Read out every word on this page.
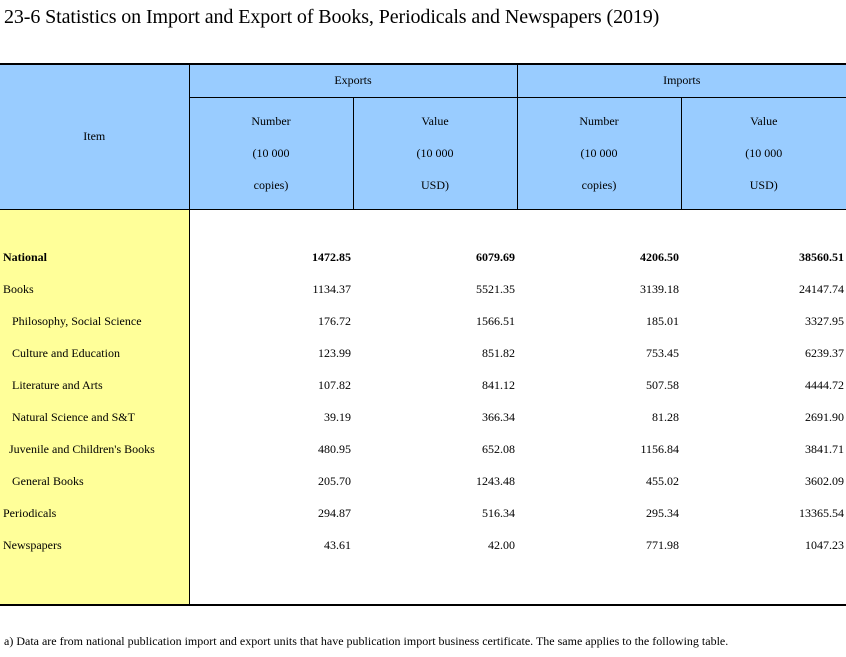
23-6 Statistics on Import and Export of Books, Periodicals and Newspapers (2019)
Item	Exports		Imports	

	Number
(10 000
copies)	Value
(10 000
USD)	Number
(10 000
copies)	Value
(10 000
USD)

National	1472.85	6079.69	4206.50	38560.51
Books	1134.37	5521.35	3139.18	24147.74
Philosophy, Social Science	176.72	1566.51	185.01	3327.95
Culture and Education	123.99	851.82	753.45	6239.37
Literature and Arts	107.82	841.12	507.58	4444.72
Natural Science and S&T	39.19	366.34	81.28	2691.90
Juvenile and Children's Books	480.95	652.08	1156.84	3841.71
General Books	205.70	1243.48	455.02	3602.09
Periodicals	294.87	516.34	295.34	13365.54
Newspapers	43.61	42.00	771.98	1047.23

a) Data are from national publication import and export units that have publication import business certificate. The same applies to the following table.
